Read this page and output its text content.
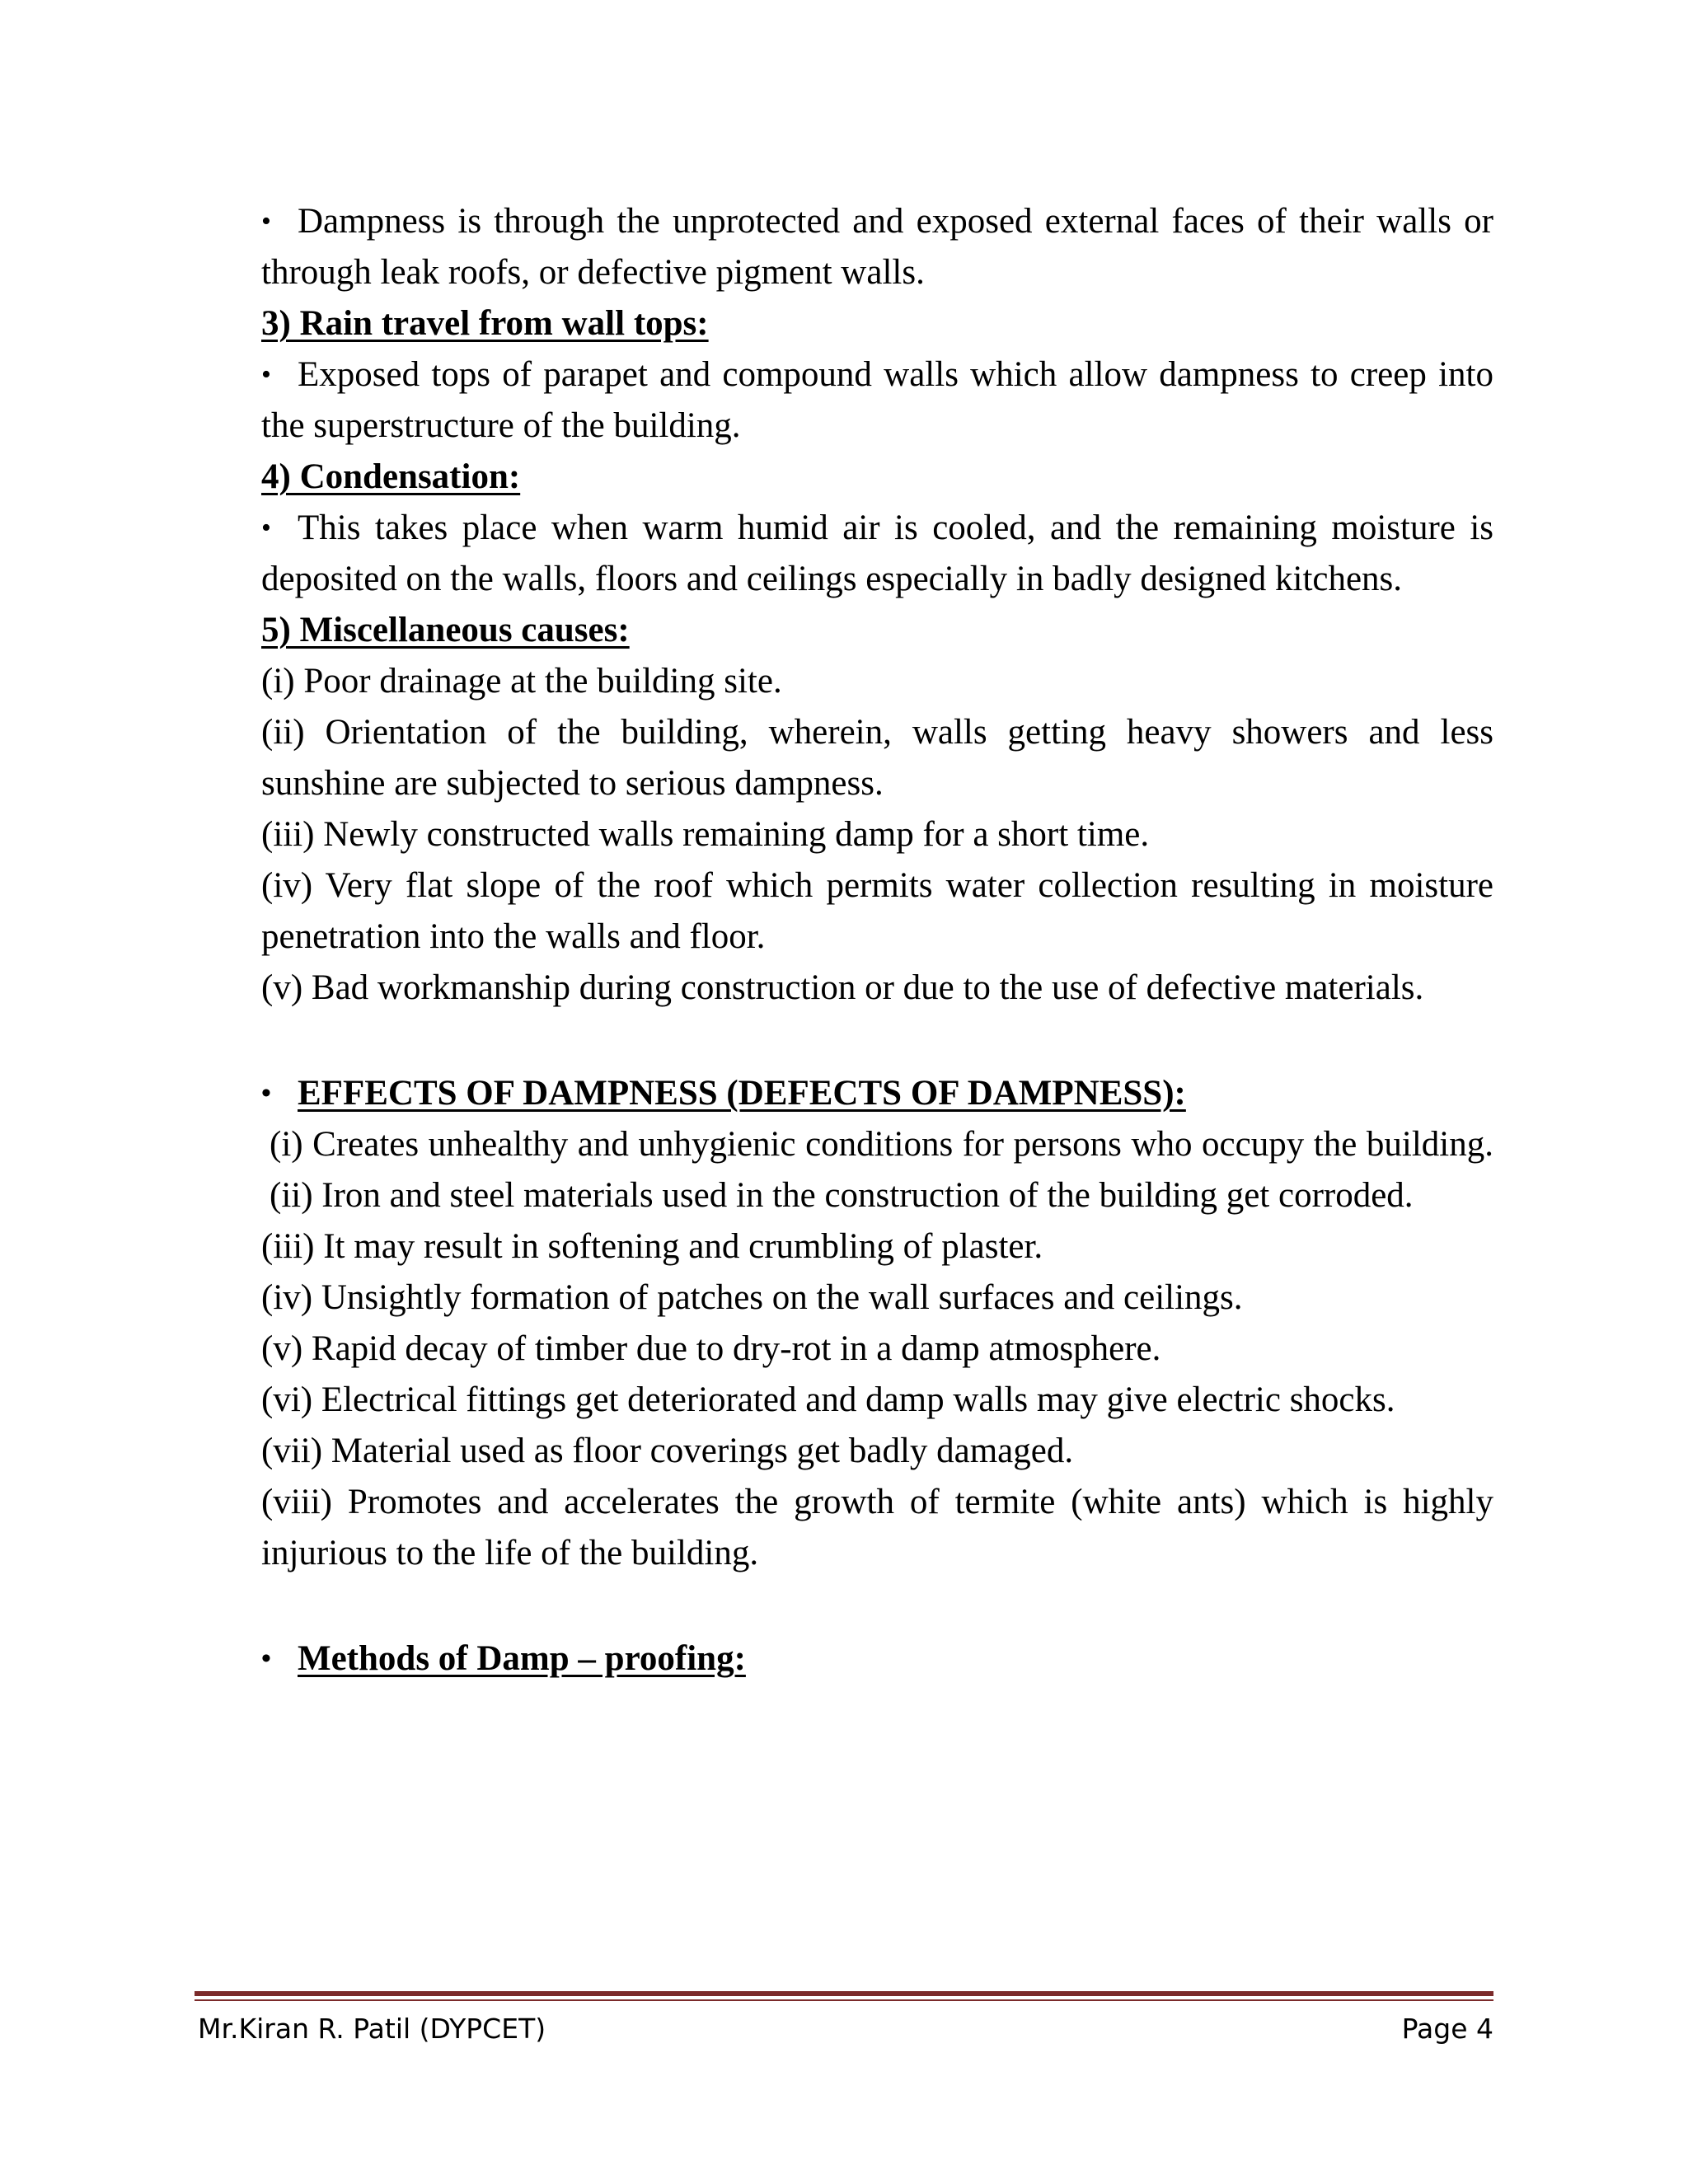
• Dampness is through the unprotected and exposed external faces of their walls or through leak roofs, or defective pigment walls.

3) Rain travel from wall tops:

• Exposed tops of parapet and compound walls which allow dampness to creep into the superstructure of the building.

4) Condensation:

• This takes place when warm humid air is cooled, and the remaining moisture is deposited on the walls, floors and ceilings especially in badly designed kitchens.

5) Miscellaneous causes:

(i) Poor drainage at the building site.

(ii) Orientation of the building, wherein, walls getting heavy showers and less sunshine are subjected to serious dampness.

(iii) Newly constructed walls remaining damp for a short time.

(iv) Very flat slope of the roof which permits water collection resulting in moisture penetration into the walls and floor.

(v) Bad workmanship during construction or due to the use of defective materials.

• EFFECTS OF DAMPNESS (DEFECTS OF DAMPNESS):

(i) Creates unhealthy and unhygienic conditions for persons who occupy the building. (ii) Iron and steel materials used in the construction of the building get corroded.

(iii) It may result in softening and crumbling of plaster.

(iv) Unsightly formation of patches on the wall surfaces and ceilings.

(v) Rapid decay of timber due to dry-rot in a damp atmosphere.

(vi) Electrical fittings get deteriorated and damp walls may give electric shocks.

(vii) Material used as floor coverings get badly damaged.

(viii) Promotes and accelerates the growth of termite (white ants) which is highly injurious to the life of the building.

• Methods of Damp – proofing:

Mr.Kiran R. Patil (DYPCET)	Page 4
